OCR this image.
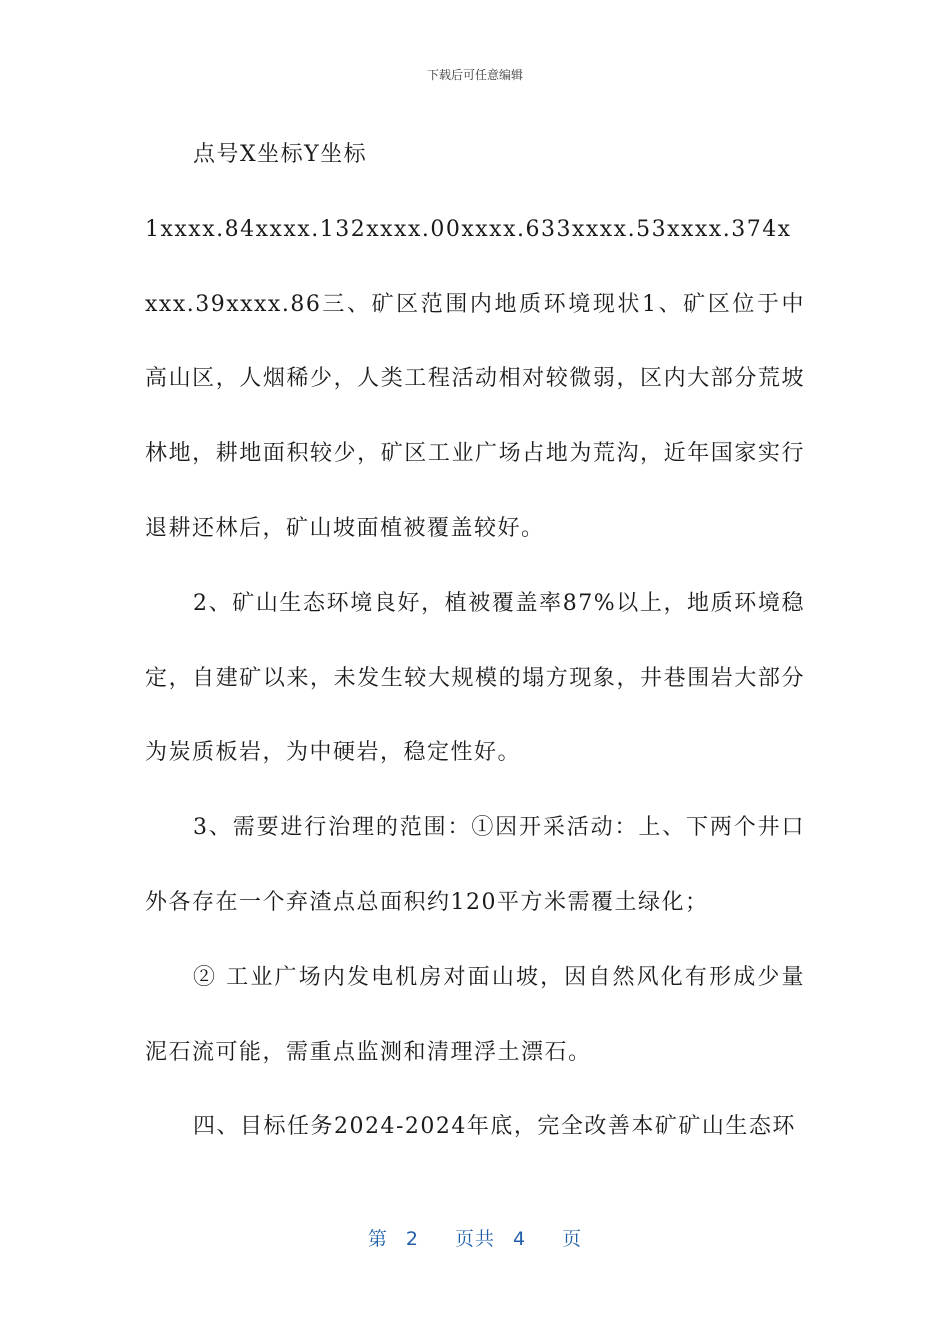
下载后可任意编辑

点号X坐标Y坐标

1xxxx.84xxxx.132xxxx.00xxxx.633xxxx.53xxxx.374xxxx.39xxxx.86三、矿区范围内地质环境现状1、矿区位于中高山区，人烟稀少，人类工程活动相对较微弱，区内大部分荒坡林地，耕地面积较少，矿区工业广场占地为荒沟，近年国家实行退耕还林后，矿山坡面植被覆盖较好。

2、矿山生态环境良好，植被覆盖率87%以上，地质环境稳定，自建矿以来，未发生较大规模的塌方现象，井巷围岩大部分为炭质板岩，为中硬岩，稳定性好。

3、需要进行治理的范围：①因开采活动：上、下两个井口外各存在一个弃渣点总面积约120平方米需覆土绿化；

② 工业广场内发电机房对面山坡，因自然风化有形成少量泥石流可能，需重点监测和清理浮土漂石。

四、目标任务2024-2024年底，完全改善本矿矿山生态环

第 2 页共 4 页
